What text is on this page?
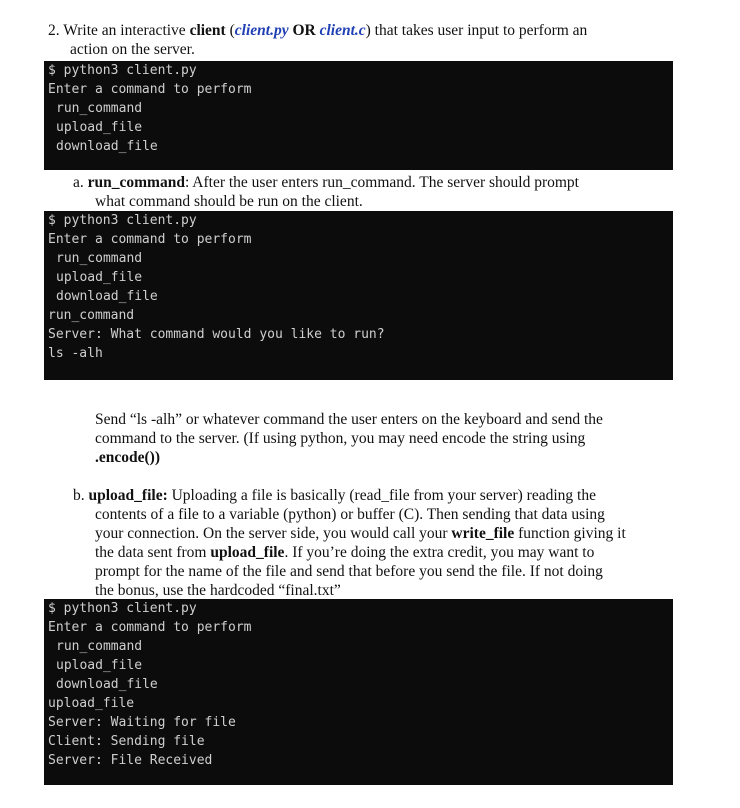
2. Write an interactive client (client.py OR client.c) that takes user input to perform an
action on the server.
$ python3 client.py
Enter a command to perform
run_command
upload_file
download_file
a. run_command: After the user enters run_command. The server should prompt
what command should be run on the client.
$ python3 client.py
Enter a command to perform
run_command
upload_file
download_file
run_command
Server: What command would you like to run?
ls -alh
Send “ls -alh” or whatever command the user enters on the keyboard and send the
command to the server. (If using python, you may need encode the string using
.encode())
b. upload_file: Uploading a file is basically (read_file from your server) reading the
contents of a file to a variable (python) or buffer (C). Then sending that data using
your connection. On the server side, you would call your write_file function giving it
the data sent from upload_file. If you’re doing the extra credit, you may want to
prompt for the name of the file and send that before you send the file. If not doing
the bonus, use the hardcoded “final.txt”
$ python3 client.py
Enter a command to perform
run_command
upload_file
download_file
upload_file
Server: Waiting for file
Client: Sending file
Server: File Received
